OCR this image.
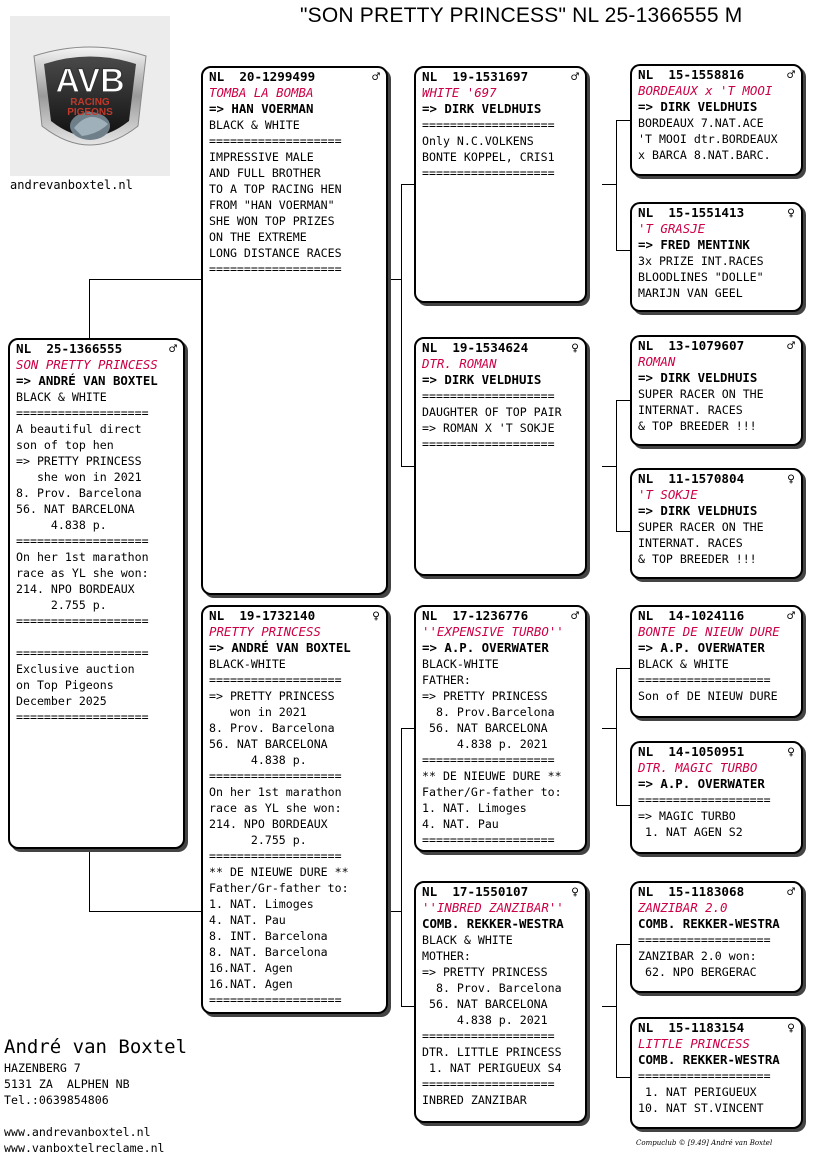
"SON PRETTY PRINCESS" NL 25-1366555 M
AVB
RACING
PIGEONS
andrevanboxtel.nl
NL  25-1366555	♂
SON PRETTY PRINCESS
=> ANDRÉ VAN BOXTEL
BLACK & WHITE
===================
A beautiful direct
son of top hen
=> PRETTY PRINCESS
she won in 2021
8. Prov. Barcelona
56. NAT BARCELONA
4.838 p.
===================
On her 1st marathon
race as YL she won:
214. NPO BORDEAUX
2.755 p.
===================
===================
Exclusive auction
on Top Pigeons
December 2025
===================
NL  20-1299499	♂
TOMBA LA BOMBA
=> HAN VOERMAN
BLACK & WHITE
===================
IMPRESSIVE MALE
AND FULL BROTHER
TO A TOP RACING HEN
FROM "HAN VOERMAN"
SHE WON TOP PRIZES
ON THE EXTREME
LONG DISTANCE RACES
===================
NL  19-1732140	♀
PRETTY PRINCESS
=> ANDRÉ VAN BOXTEL
BLACK-WHITE
===================
=> PRETTY PRINCESS
won in 2021
8. Prov. Barcelona
56. NAT BARCELONA
4.838 p.
===================
On her 1st marathon
race as YL she won:
214. NPO BORDEAUX
2.755 p.
===================
** DE NIEUWE DURE **
Father/Gr-father to:
1. NAT. Limoges
4. NAT. Pau
8. INT. Barcelona
8. NAT. Barcelona
16.NAT. Agen
16.NAT. Agen
===================
NL  19-1531697	♂
WHITE '697
=> DIRK VELDHUIS
===================
Only N.C.VOLKENS
BONTE KOPPEL, CRIS1
===================
NL  19-1534624	♀
DTR. ROMAN
=> DIRK VELDHUIS
===================
DAUGHTER OF TOP PAIR
=> ROMAN X 'T SOKJE
===================
NL  17-1236776	♂
''EXPENSIVE TURBO''
=> A.P. OVERWATER
BLACK-WHITE
FATHER:
=> PRETTY PRINCESS
8. Prov.Barcelona
56. NAT BARCELONA
4.838 p. 2021
===================
** DE NIEUWE DURE **
Father/Gr-father to:
1. NAT. Limoges
4. NAT. Pau
===================
NL  17-1550107	♀
''INBRED ZANZIBAR''
COMB. REKKER-WESTRA
BLACK & WHITE
MOTHER:
=> PRETTY PRINCESS
8. Prov. Barcelona
56. NAT BARCELONA
4.838 p. 2021
===================
DTR. LITTLE PRINCESS
1. NAT PERIGUEUX S4
===================
INBRED ZANZIBAR
NL  15-1558816	♂
BORDEAUX x 'T MOOI
=> DIRK VELDHUIS
BORDEAUX 7.NAT.ACE
'T MOOI dtr.BORDEAUX
x BARCA 8.NAT.BARC.
NL  15-1551413	♀
'T GRASJE
=> FRED MENTINK
3x PRIZE INT.RACES
BLOODLINES "DOLLE"
MARIJN VAN GEEL
NL  13-1079607	♂
ROMAN
=> DIRK VELDHUIS
SUPER RACER ON THE
INTERNAT. RACES
& TOP BREEDER !!!
NL  11-1570804	♀
'T SOKJE
=> DIRK VELDHUIS
SUPER RACER ON THE
INTERNAT. RACES
& TOP BREEDER !!!
NL  14-1024116	♂
BONTE DE NIEUW DURE
=> A.P. OVERWATER
BLACK & WHITE
===================
Son of DE NIEUW DURE
NL  14-1050951	♀
DTR. MAGIC TURBO
=> A.P. OVERWATER
===================
=> MAGIC TURBO
1. NAT AGEN S2
NL  15-1183068	♂
ZANZIBAR 2.0
COMB. REKKER-WESTRA
===================
ZANZIBAR 2.0 won:
62. NPO BERGERAC
NL  15-1183154	♀
LITTLE PRINCESS
COMB. REKKER-WESTRA
===================
1. NAT PERIGUEUX
10. NAT ST.VINCENT
André van Boxtel
HAZENBERG 7
5131 ZA  ALPHEN NB
Tel.:0639854806
www.andrevanboxtel.nl
www.vanboxtelreclame.nl	Compuclub © [9.49] André van Boxtel
